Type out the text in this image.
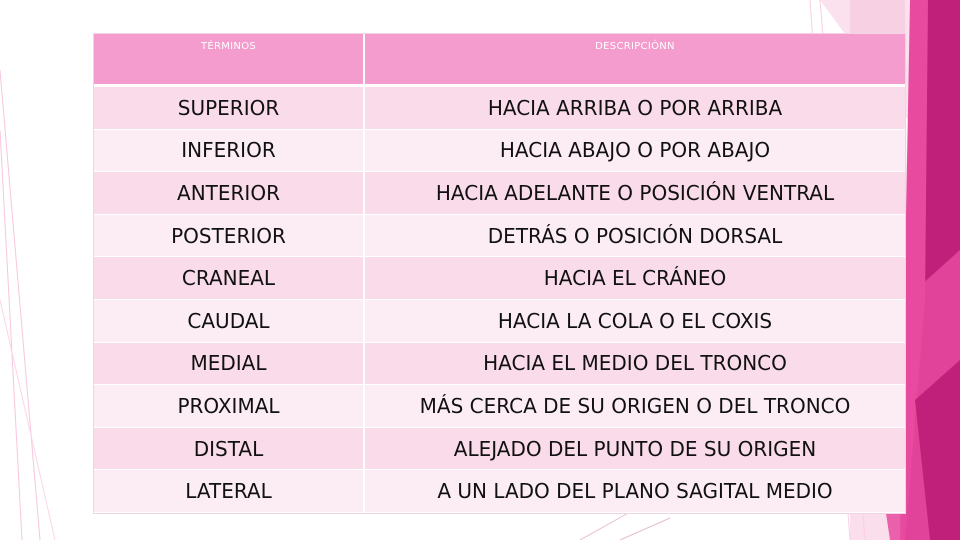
TÉRMINOS	DESCRIPCIÓNN
SUPERIOR	HACIA ARRIBA O POR ARRIBA
INFERIOR	HACIA ABAJO O POR ABAJO
ANTERIOR	HACIA ADELANTE O POSICIÓN VENTRAL
POSTERIOR	DETRÁS O POSICIÓN DORSAL
CRANEAL	HACIA EL CRÁNEO
CAUDAL	HACIA LA COLA O EL COXIS
MEDIAL	HACIA EL MEDIO DEL TRONCO
PROXIMAL	MÁS CERCA DE SU ORIGEN O DEL TRONCO
DISTAL	ALEJADO DEL PUNTO DE SU ORIGEN
LATERAL	A UN LADO DEL PLANO SAGITAL MEDIO
